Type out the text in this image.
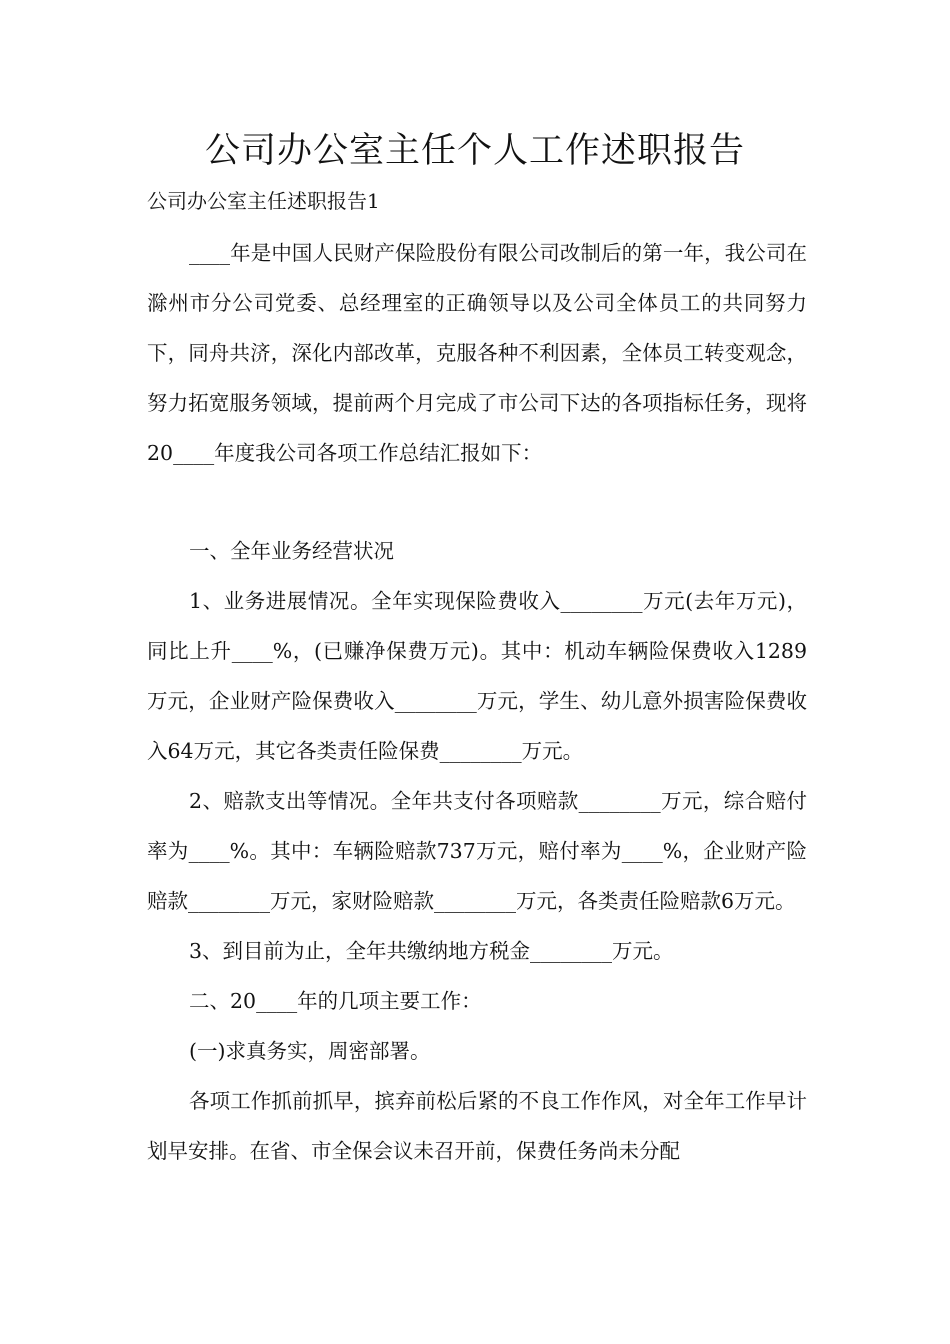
公司办公室主任个人工作述职报告
公司办公室主任述职报告1

____年是中国人民财产保险股份有限公司改制后的第一年，我公司在滁州市分公司党委、总经理室的正确领导以及公司全体员工的共同努力下，同舟共济，深化内部改革，克服各种不利因素，全体员工转变观念，努力拓宽服务领域，提前两个月完成了市公司下达的各项指标任务，现将20____年度我公司各项工作总结汇报如下：

一、全年业务经营状况

1、业务进展情况。全年实现保险费收入________万元(去年万元)，同比上升____%，(已赚净保费万元)。其中：机动车辆险保费收入1289万元，企业财产险保费收入________万元，学生、幼儿意外损害险保费收入64万元，其它各类责任险保费________万元。

2、赔款支出等情况。全年共支付各项赔款________万元，综合赔付率为____%。其中：车辆险赔款737万元，赔付率为____%，企业财产险赔款________万元，家财险赔款________万元，各类责任险赔款6万元。

3、到目前为止，全年共缴纳地方税金________万元。

二、20____年的几项主要工作：

(一)求真务实，周密部署。

各项工作抓前抓早，摈弃前松后紧的不良工作作风，对全年工作早计划早安排。在省、市全保会议未召开前，保费任务尚未分配
